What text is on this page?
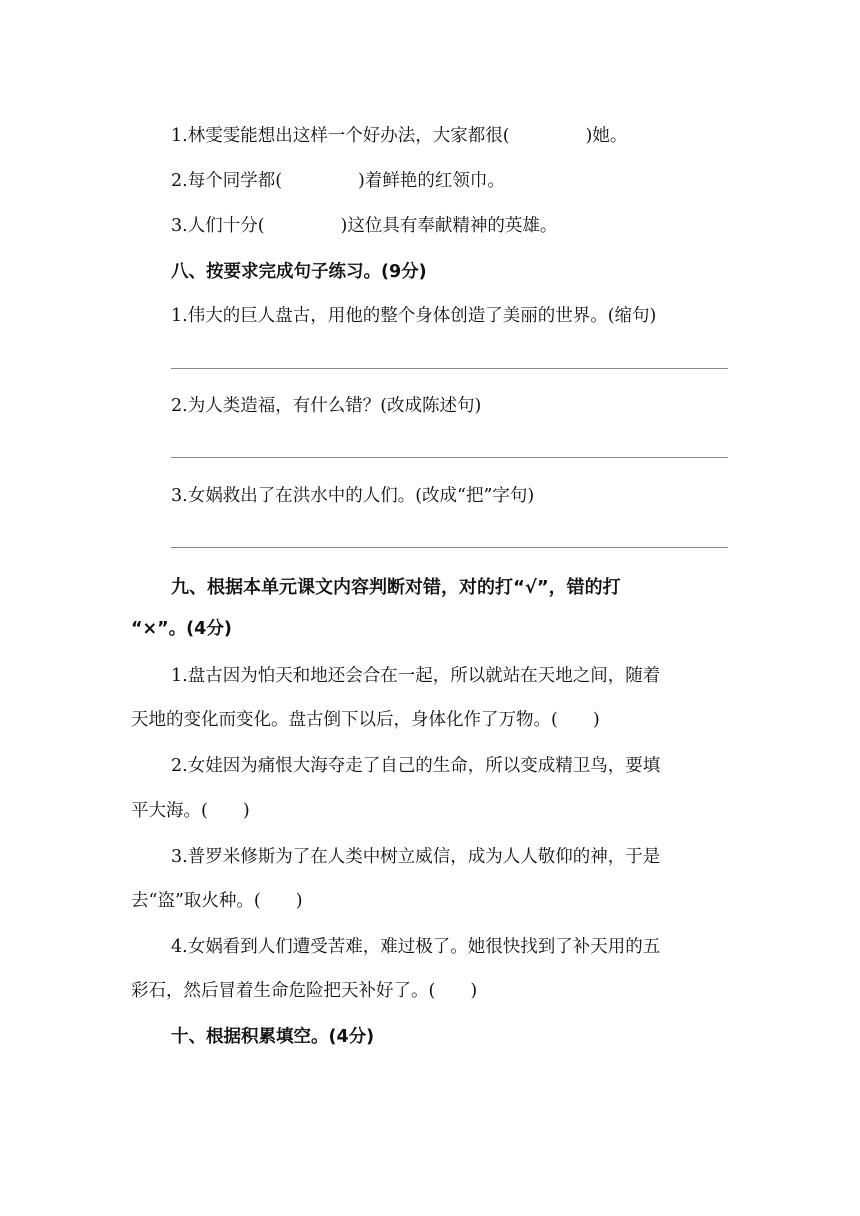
1.林雯雯能想出这样一个好办法，大家都很(	)她。
2.每个同学都(	)着鲜艳的红领巾。
3.人们十分(	)这位具有奉献精神的英雄。
八、按要求完成句子练习。(9分)
1.伟大的巨人盘古，用他的整个身体创造了美丽的世界。(缩句)
2.为人类造福，有什么错？(改成陈述句)
3.女娲救出了在洪水中的人们。(改成“把”字句)
九、根据本单元课文内容判断对错，对的打“√”，错的打
“×”。(4分)
1.盘古因为怕天和地还会合在一起，所以就站在天地之间，随着
天地的变化而变化。盘古倒下以后，身体化作了万物。(　　)
2.女娃因为痛恨大海夺走了自己的生命，所以变成精卫鸟，要填
平大海。(　　)
3.普罗米修斯为了在人类中树立威信，成为人人敬仰的神，于是
去“盗”取火种。(　　)
4.女娲看到人们遭受苦难，难过极了。她很快找到了补天用的五
彩石，然后冒着生命危险把天补好了。(　　)
十、根据积累填空。(4分)
